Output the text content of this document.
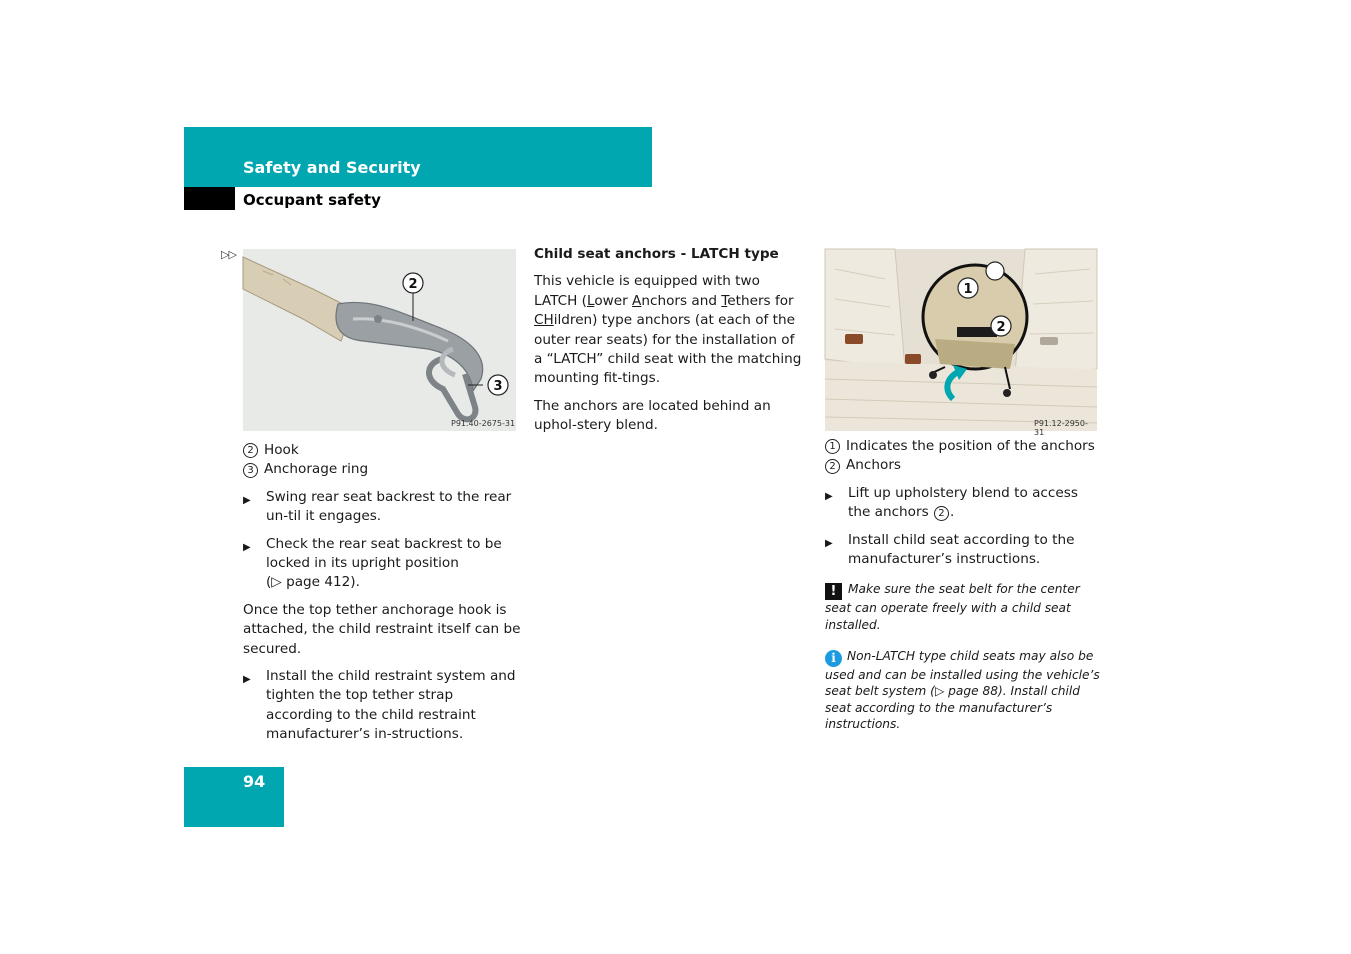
Safety and Security
Occupant safety
▷▷
2
3
P91.40-2675-31
1
2
P91.12-2950-31
2 Hook
3 Anchorage ring
▶	Swing rear seat backrest to the rear un-til it engages.
▶	Check the rear seat backrest to be locked in its upright position
(▷ page 412).

Once the top tether anchorage hook is attached, the child restraint itself can be secured.

▶	Install the child restraint system and tighten the top tether strap according to the child restraint manufacturer’s in-structions.
Child seat anchors - LATCH type

This vehicle is equipped with two LATCH (Lower Anchors and Tethers for CHildren) type anchors (at each of the outer rear seats) for the installation of a “LATCH” child seat with the matching mounting fit-tings.

The anchors are located behind an uphol-stery blend.

1 Indicates the position of the anchors
2 Anchors
▶	Lift up upholstery blend to access the anchors 2 .
▶	Install child seat according to the manufacturer’s instructions.
! Make sure the seat belt for the center seat can operate freely with a child seat installed.
i Non-LATCH type child seats may also be used and can be installed using the vehicle’s seat belt system (▷ page 88). Install child seat according to the manufacturer’s instructions.
94
